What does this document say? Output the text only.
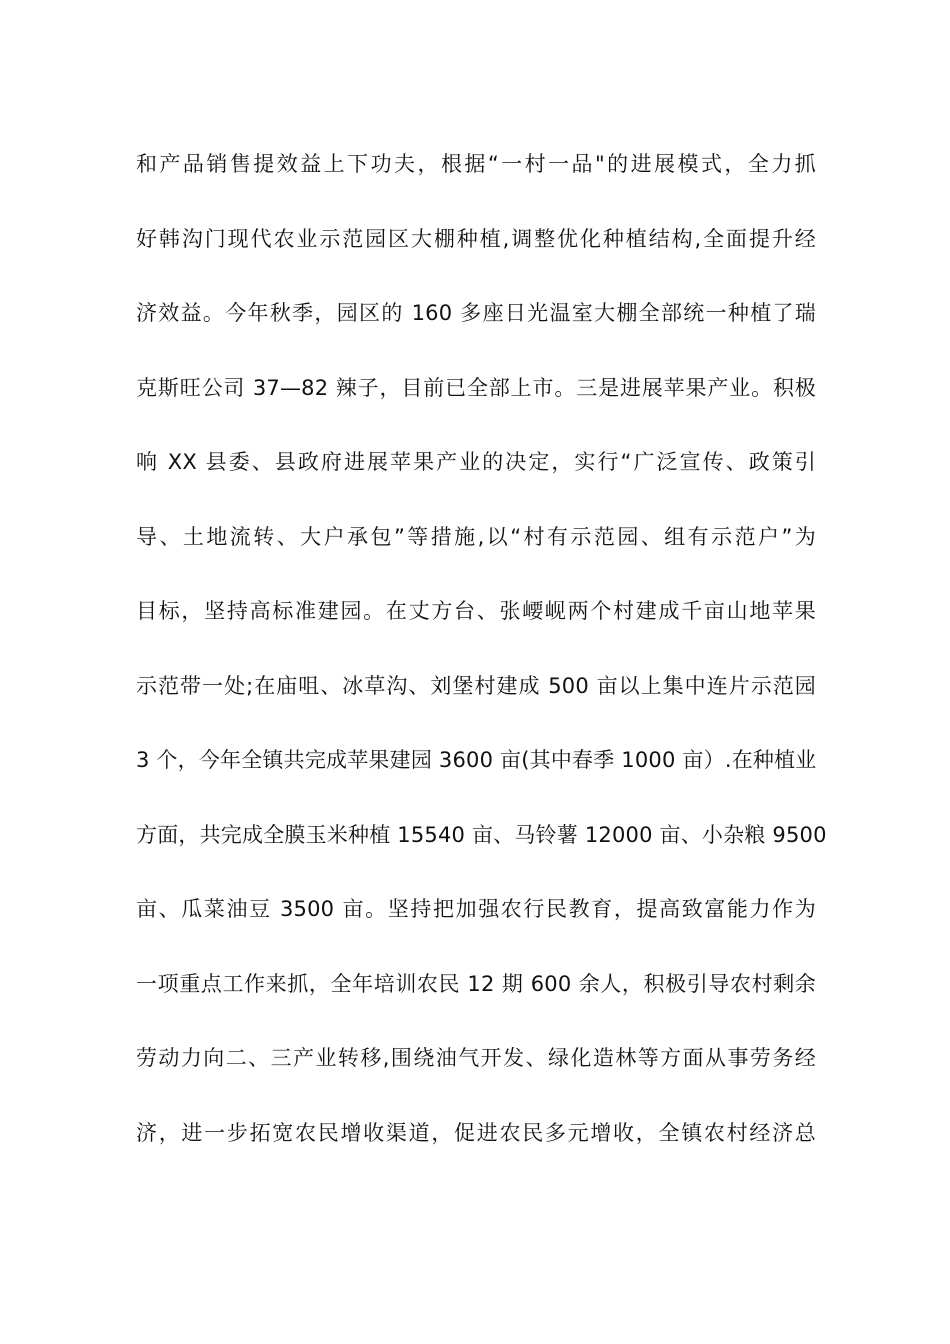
和产品销售提效益上下功夫，根据“一村一品"的进展模式，全力抓
好韩沟门现代农业示范园区大棚种植,调整优化种植结构,全面提升经
济效益。今年秋季，园区的 160 多座日光温室大棚全部统一种植了瑞
克斯旺公司 37—82 辣子，目前已全部上市。三是进展苹果产业。积极
响 XX 县委、县政府进展苹果产业的决定，实行“广泛宣传、政策引
导、土地流转、大户承包”等措施,以“村有示范园、组有示范户”为
目标，坚持高标准建园。在丈方台、张崾岘两个村建成千亩山地苹果
示范带一处;在庙咀、冰草沟、刘堡村建成 500 亩以上集中连片示范园
3 个，今年全镇共完成苹果建园 3600 亩(其中春季 1000 亩）.在种植业
方面，共完成全膜玉米种植 15540 亩、马铃薯 12000 亩、小杂粮 9500
亩、瓜菜油豆 3500 亩。坚持把加强农行民教育，提高致富能力作为
一项重点工作来抓，全年培训农民 12 期 600 余人，积极引导农村剩余
劳动力向二、三产业转移,围绕油气开发、绿化造林等方面从事劳务经
济，进一步拓宽农民增收渠道，促进农民多元增收，全镇农村经济总
